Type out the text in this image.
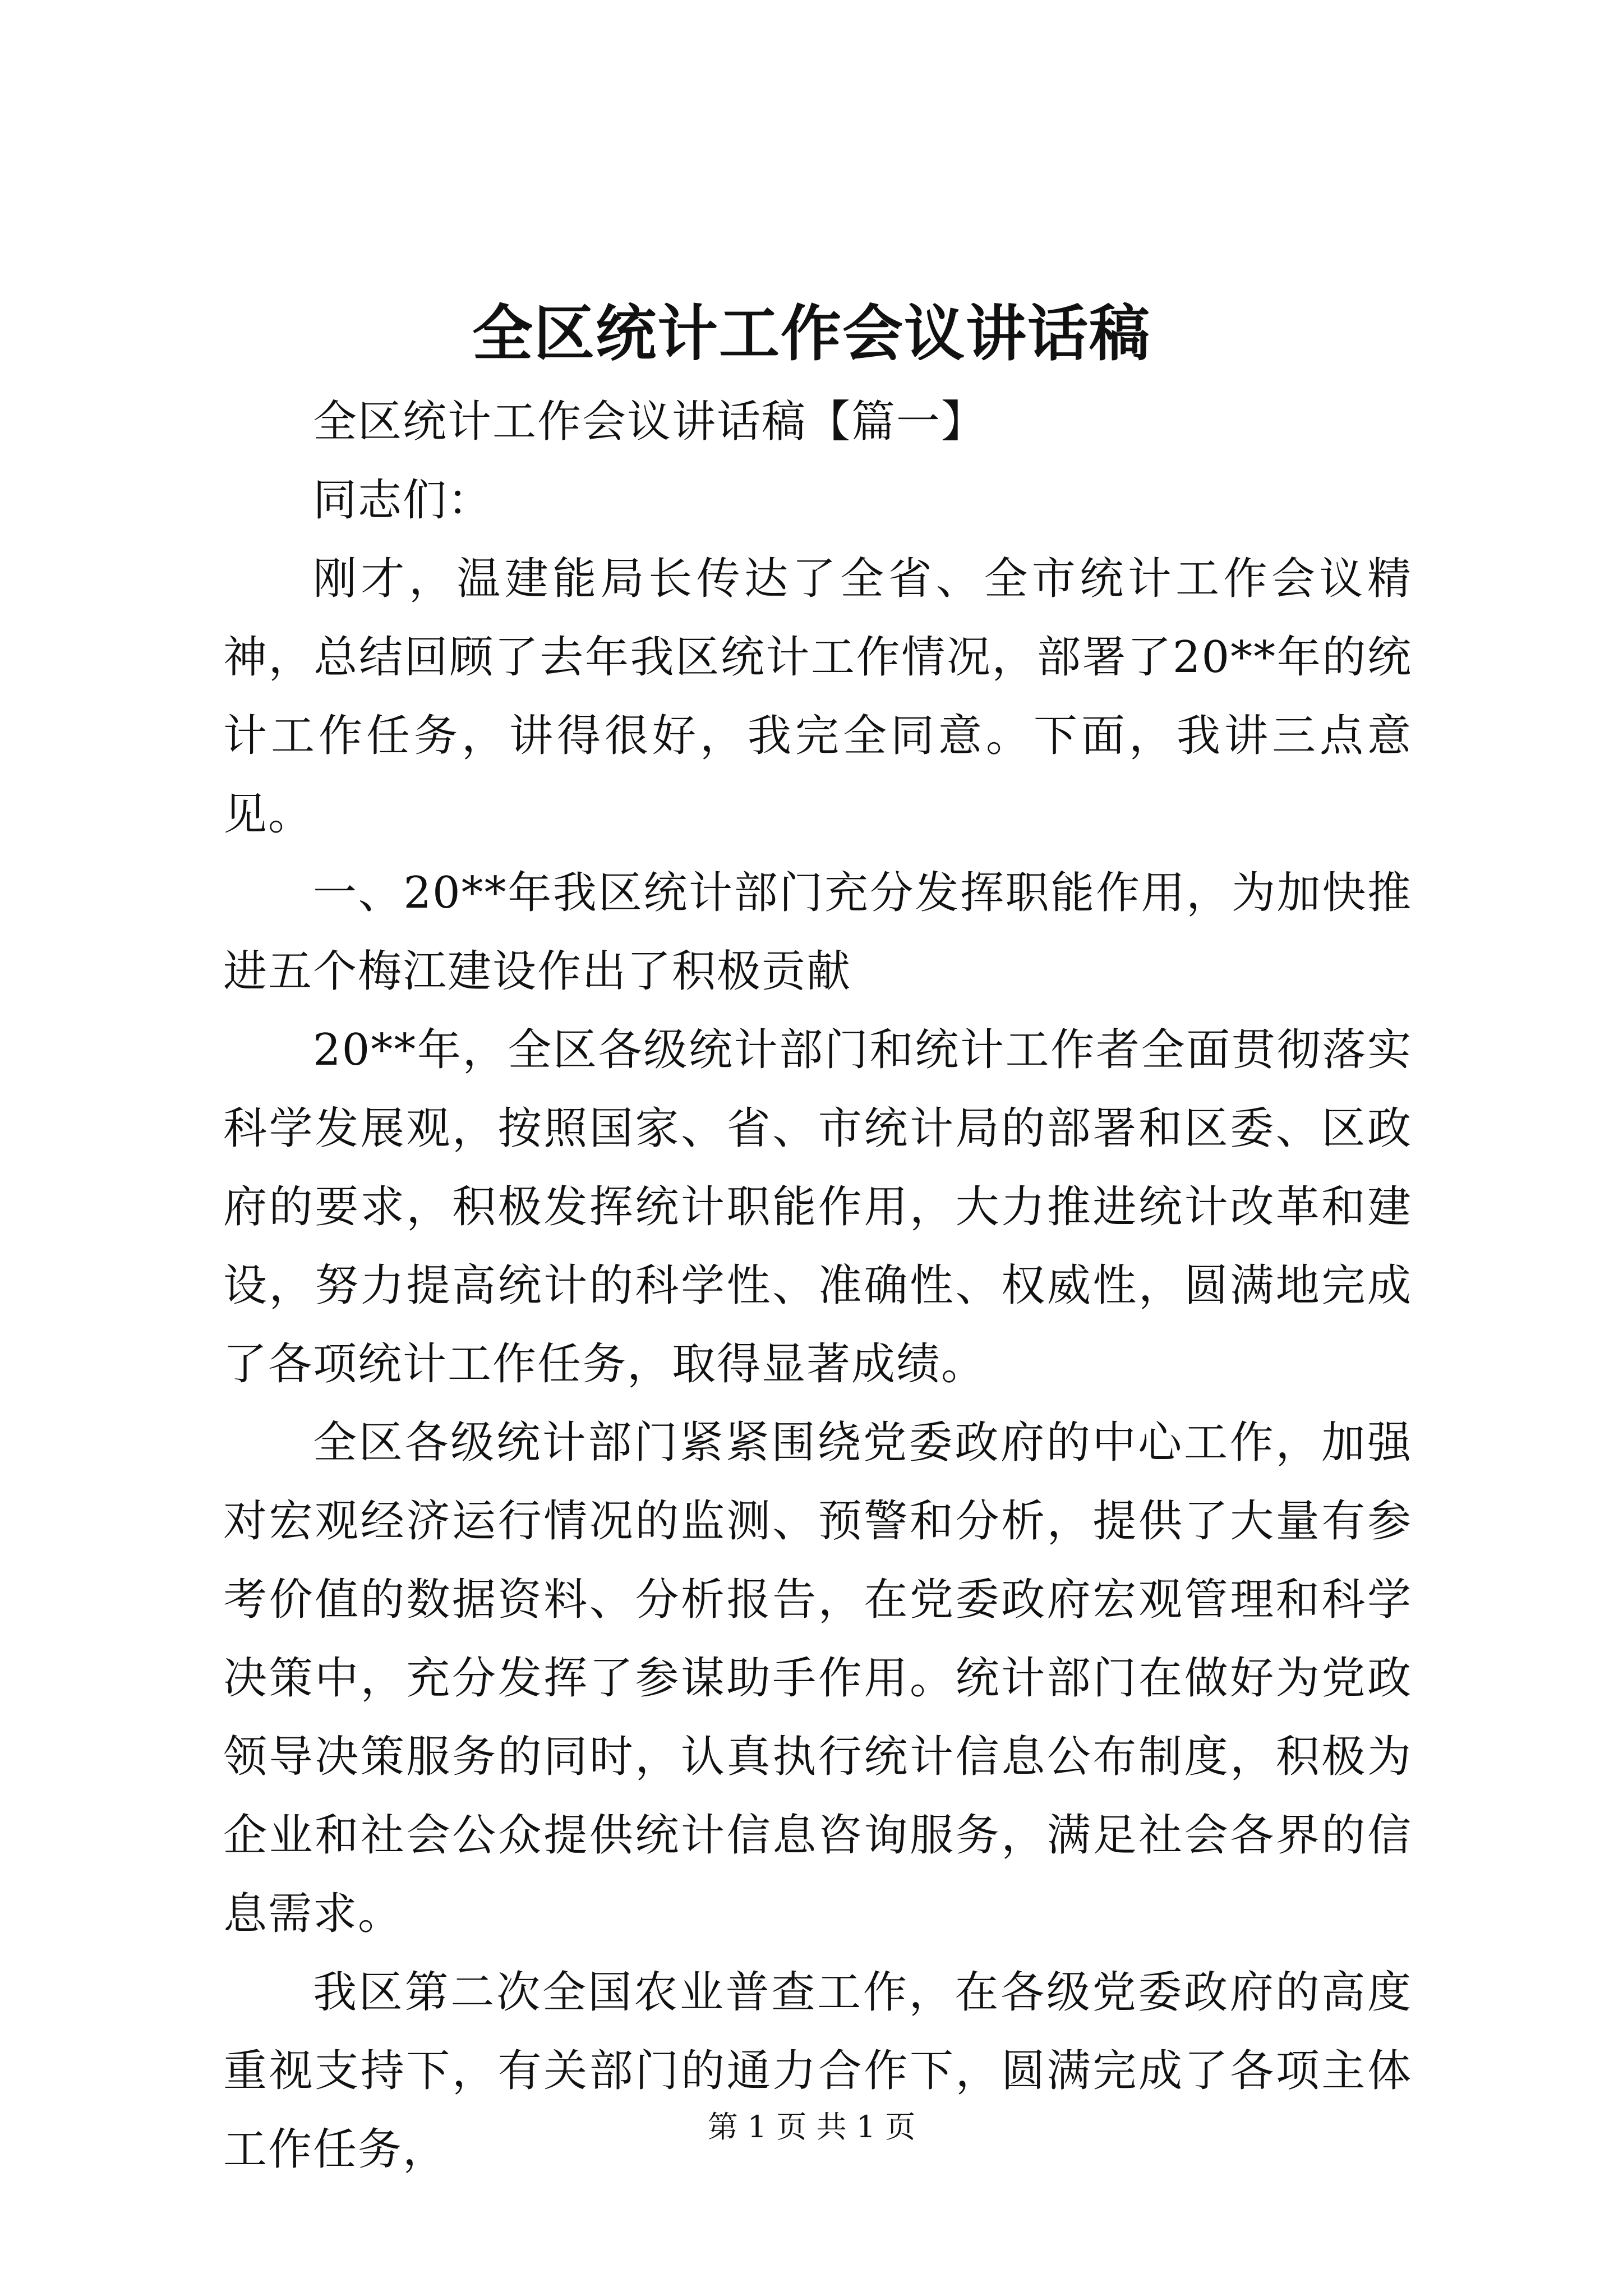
全区统计工作会议讲话稿

全区统计工作会议讲话稿【篇一】

同志们：

刚才，温建能局长传达了全省、全市统计工作会议精神，总结回顾了去年我区统计工作情况，部署了20**年的统计工作任务，讲得很好，我完全同意。下面，我讲三点意见。

一、20**年我区统计部门充分发挥职能作用，为加快推进五个梅江建设作出了积极贡献

20**年，全区各级统计部门和统计工作者全面贯彻落实科学发展观，按照国家、省、市统计局的部署和区委、区政府的要求，积极发挥统计职能作用，大力推进统计改革和建设，努力提高统计的科学性、准确性、权威性，圆满地完成了各项统计工作任务，取得显著成绩。

全区各级统计部门紧紧围绕党委政府的中心工作，加强对宏观经济运行情况的监测、预警和分析，提供了大量有参考价值的数据资料、分析报告，在党委政府宏观管理和科学决策中，充分发挥了参谋助手作用。统计部门在做好为党政领导决策服务的同时，认真执行统计信息公布制度，积极为企业和社会公众提供统计信息咨询服务，满足社会各界的信息需求。

我区第二次全国农业普查工作，在各级党委政府的高度重视支持下，有关部门的通力合作下，圆满完成了各项主体工作任务，	第 1 页 共 1 页
